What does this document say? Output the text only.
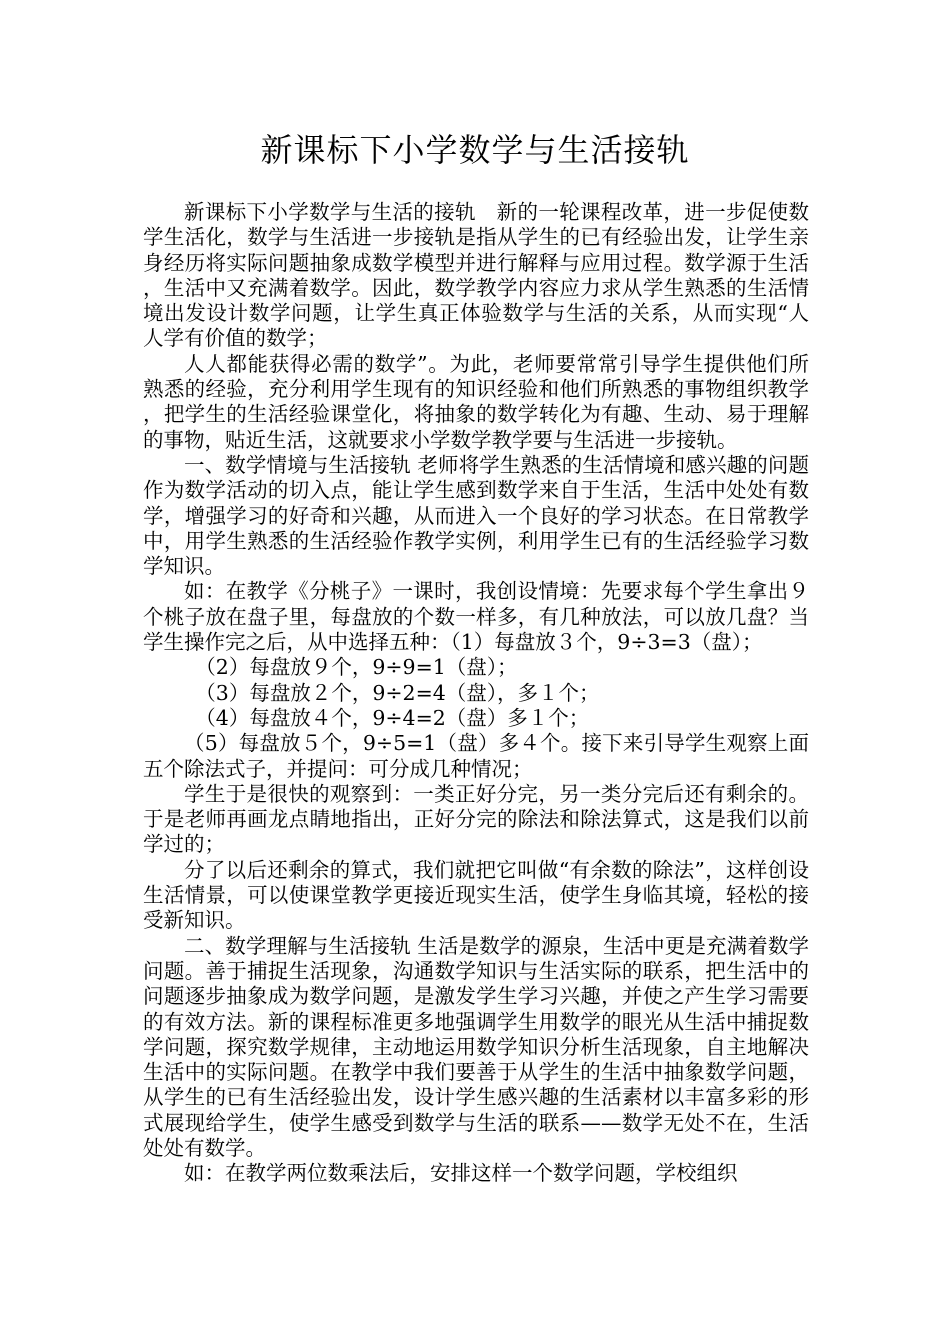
新课标下小学数学与生活接轨

新课标下小学数学与生活的接轨　新的一轮课程改革，进一步促使数学生活化，数学与生活进一步接轨是指从学生的已有经验出发，让学生亲身经历将实际问题抽象成数学模型并进行解释与应用过程。数学源于生活，生活中又充满着数学。因此，数学教学内容应力求从学生熟悉的生活情境出发设计数学问题，让学生真正体验数学与生活的关系，从而实现“人人学有价值的数学；

人人都能获得必需的数学”。为此，老师要常常引导学生提供他们所熟悉的经验，充分利用学生现有的知识经验和他们所熟悉的事物组织教学，把学生的生活经验课堂化，将抽象的数学转化为有趣、生动、易于理解的事物，贴近生活，这就要求小学数学教学要与生活进一步接轨。

一、数学情境与生活接轨 老师将学生熟悉的生活情境和感兴趣的问题作为数学活动的切入点，能让学生感到数学来自于生活，生活中处处有数学，增强学习的好奇和兴趣，从而进入一个良好的学习状态。在日常教学中，用学生熟悉的生活经验作教学实例，利用学生已有的生活经验学习数学知识。

如：在教学《分桃子》一课时，我创设情境：先要求每个学生拿出９个桃子放在盘子里，每盘放的个数一样多，有几种放法，可以放几盘？当学生操作完之后，从中选择五种：（1）每盘放３个，9÷3=3（盘）；

（2）每盘放９个，9÷9=1（盘）；

（3）每盘放２个，9÷2=4（盘），多１个；

（4）每盘放４个，9÷4=2（盘）多１个；

（5）每盘放５个，9÷5=1（盘）多４个。接下来引导学生观察上面五个除法式子，并提问：可分成几种情况；

学生于是很快的观察到：一类正好分完，另一类分完后还有剩余的。于是老师再画龙点睛地指出，正好分完的除法和除法算式，这是我们以前学过的；

分了以后还剩余的算式，我们就把它叫做“有余数的除法”，这样创设生活情景，可以使课堂教学更接近现实生活，使学生身临其境，轻松的接受新知识。

二、数学理解与生活接轨 生活是数学的源泉，生活中更是充满着数学问题。善于捕捉生活现象，沟通数学知识与生活实际的联系，把生活中的问题逐步抽象成为数学问题，是激发学生学习兴趣，并使之产生学习需要的有效方法。新的课程标准更多地强调学生用数学的眼光从生活中捕捉数学问题，探究数学规律，主动地运用数学知识分析生活现象，自主地解决生活中的实际问题。在教学中我们要善于从学生的生活中抽象数学问题，从学生的已有生活经验出发，设计学生感兴趣的生活素材以丰富多彩的形式展现给学生，使学生感受到数学与生活的联系——数学无处不在，生活处处有数学。

如：在教学两位数乘法后，安排这样一个数学问题，学校组织
